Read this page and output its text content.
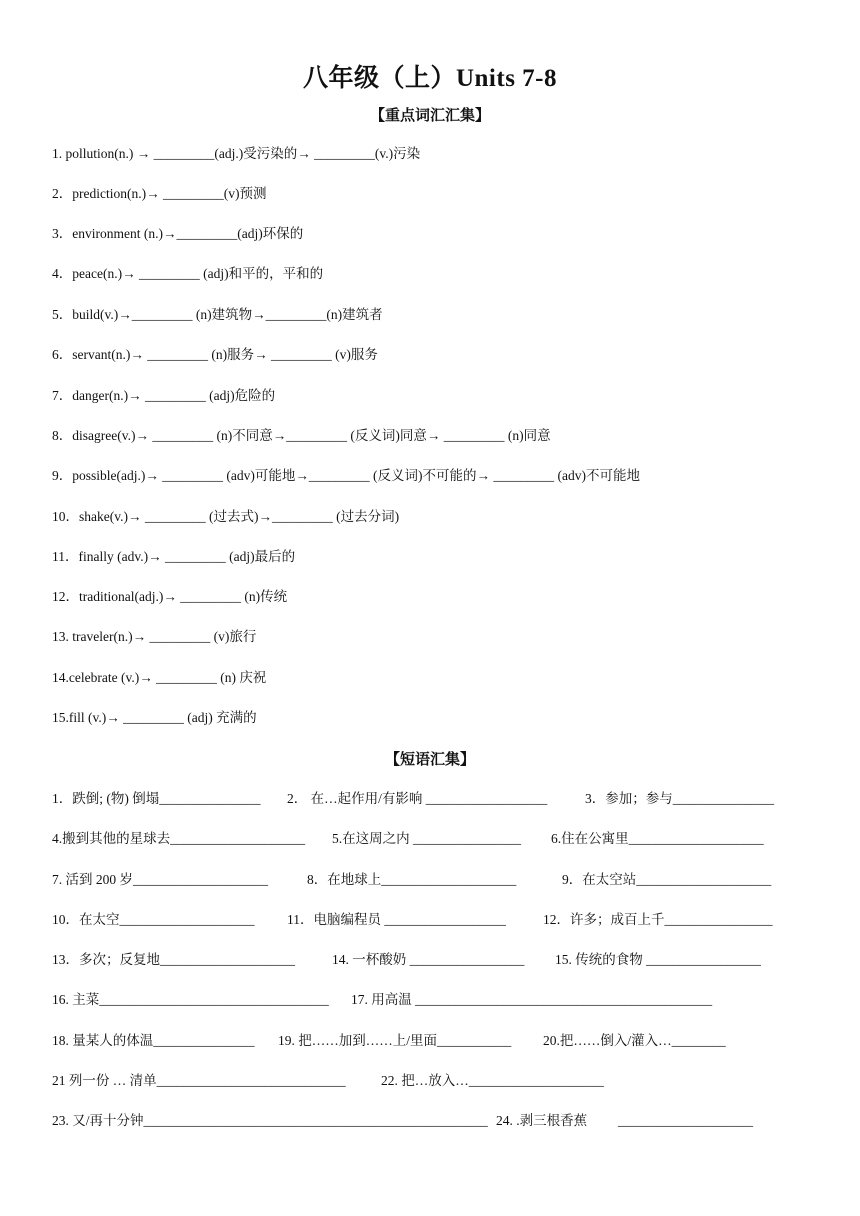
八年级（上）Units 7-8
【重点词汇汇集】
1. pollution(n.) → _________(adj.)受污染的→ _________(v.)污染
2．prediction(n.)→ _________(v)预测
3．environment (n.)→_________(adj)环保的
4．peace(n.)→ _________ (adj)和平的，平和的
5．build(v.)→_________ (n)建筑物→_________(n)建筑者
6．servant(n.)→ _________ (n)服务→ _________ (v)服务
7．danger(n.)→ _________ (adj)危险的
8．disagree(v.)→ _________ (n)不同意→_________ (反义词)同意→ _________ (n)同意
9．possible(adj.)→ _________ (adv)可能地→_________ (反义词)不可能的→ _________ (adv)不可能地
10．shake(v.)→ _________ (过去式)→_________ (过去分词)
11．finally (adv.)→ _________ (adj)最后的
12．traditional(adj.)→ _________ (n)传统
13. traveler(n.)→ _________ (v)旅行
14.celebrate (v.)→ _________ (n) 庆祝
15.fill (v.)→ _________ (adj) 充满的
【短语汇集】
1．跌倒; (物) 倒塌_______________ 2． 在…起作用/有影响 __________________	3．参加；参与_______________
4.搬到其他的星球去____________________ 5.在这周之内 ________________ 6.住在公寓里____________________
7. 活到 200 岁____________________	8．在地球上____________________	9．在太空站____________________
10．在太空____________________ 11．电脑编程员 __________________	12．许多；成百上千________________
13．多次；反复地____________________	14. 一杯酸奶 _________________ 15. 传统的食物 _________________
16. 主菜__________________________________ 17. 用高温 ____________________________________________
18. 量某人的体温_______________ 19. 把……加到……上/里面___________ 20.把……倒入/灌入…________
21 列一份 … 清单____________________________	22. 把…放入…____________________
23. 又/再十分钟___________________________________________________ 24. .剥三根香蕉 ____________________
